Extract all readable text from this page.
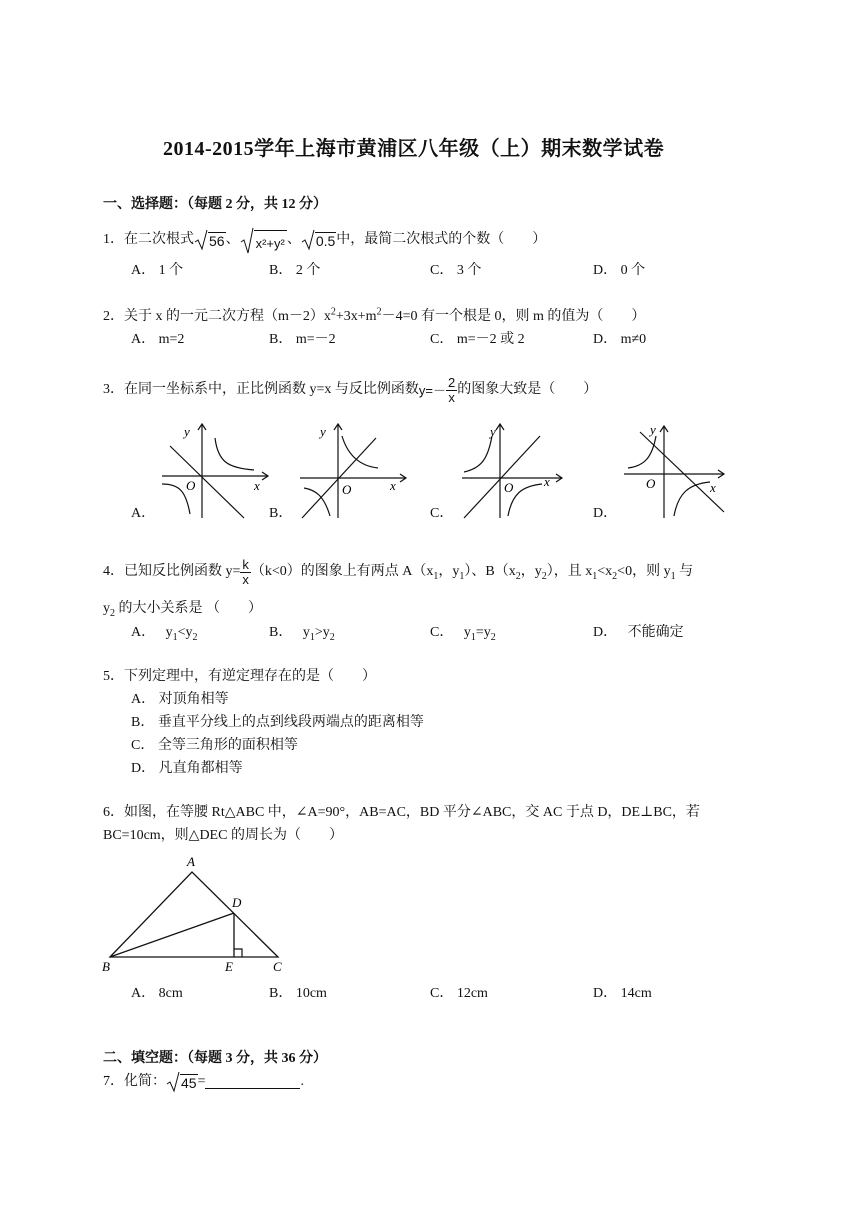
2014-2015学年上海市黄浦区八年级（上）期末数学试卷
一、选择题：（每题 2 分，共 12 分）
1．在二次根式 56 、 x²+y² 、 0.5 中，最简二次根式的个数（　　）
A． 1 个	B． 2 个	C． 3 个	D． 0 个
2．关于 x 的一元二次方程$(m-2)x^2+3x+m^2-4=0$ 有一个根是 0，则 m 的值为（　　）
A． m=2	B． m=－2	C． m=－2 或 2	D． m≠0
3．在同一坐标系中，正比例函数 y=x 与反比例函数 $y=- \frac{2}{x}$ 的图象大致是（　　）
y
x
O
y
x
O
y
x
O
y
x
O
A．	B．	C．	D．
4．已知反比例函数 $y= \frac{k}{x} (k<0)$的图象上有两点 $A(x_1$，$y_1$）、$B(x_2$，$y_2$），且 $x_1<x_2<0$，则 $y_1$ 与
$y_2$ 的大小关系是 （　　）
A． $y_1<y_2$	B． $y_1>y_2$	C． $y_1=y_2$	D． 不能确定
5．下列定理中，有逆定理存在的是（　　）
A． 对顶角相等
B． 垂直平分线上的点到线段两端点的距离相等
C． 全等三角形的面积相等
D． 凡直角都相等
6．如图，在等腰 Rt△ABC 中，∠A=90°，AB=AC，BD 平分∠ABC，交 AC 于点 D，DE⊥BC，若
BC=10cm，则△DEC 的周长为（　　）
A
B	C
D
E
A． 8cm	B． 10cm	C． 12cm	D． 14cm
二、填空题：（每题 3 分，共 36 分）
7．化简： 45 =	.
